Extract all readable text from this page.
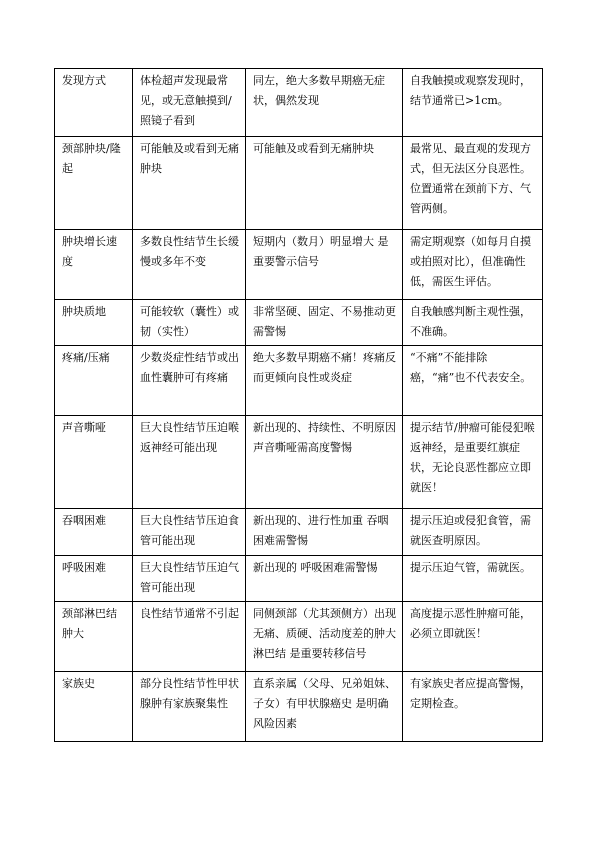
发现方式	体检超声发现最常见，或无意触摸到/照镜子看到	同左，绝大多数早期癌无症状，偶然发现	自我触摸或观察发现时，结节通常已>1cm。
颈部肿块/隆起	可能触及或看到无痛肿块	可能触及或看到无痛肿块	最常见、最直观的发现方式，但无法区分良恶性。位置通常在颈前下方、气管两侧。
肿块增长速度	多数良性结节生长缓慢或多年不变	短期内（数月）明显增大 是重要警示信号	需定期观察（如每月自摸或拍照对比），但准确性低，需医生评估。
肿块质地	可能较软（囊性）或韧（实性）	非常坚硬、固定、不易推动更需警惕	自我触感判断主观性强，不准确。
疼痛/压痛	少数炎症性结节或出血性囊肿可有疼痛	绝大多数早期癌不痛！疼痛反而更倾向良性或炎症	“不痛”不能排除癌，“痛”也不代表安全。
声音嘶哑	巨大良性结节压迫喉返神经可能出现	新出现的、持续性、不明原因声音嘶哑需高度警惕	提示结节/肿瘤可能侵犯喉返神经，是重要红旗症状，无论良恶性都应立即就医！
吞咽困难	巨大良性结节压迫食管可能出现	新出现的、进行性加重 吞咽困难需警惕	提示压迫或侵犯食管，需就医查明原因。
呼吸困难	巨大良性结节压迫气管可能出现	新出现的 呼吸困难需警惕	提示压迫气管，需就医。
颈部淋巴结肿大	良性结节通常不引起	同侧颈部（尤其颈侧方）出现无痛、质硬、活动度差的肿大淋巴结 是重要转移信号	高度提示恶性肿瘤可能，必须立即就医！
家族史	部分良性结节性甲状腺肿有家族聚集性	直系亲属（父母、兄弟姐妹、子女）有甲状腺癌史 是明确风险因素	有家族史者应提高警惕，定期检查。
